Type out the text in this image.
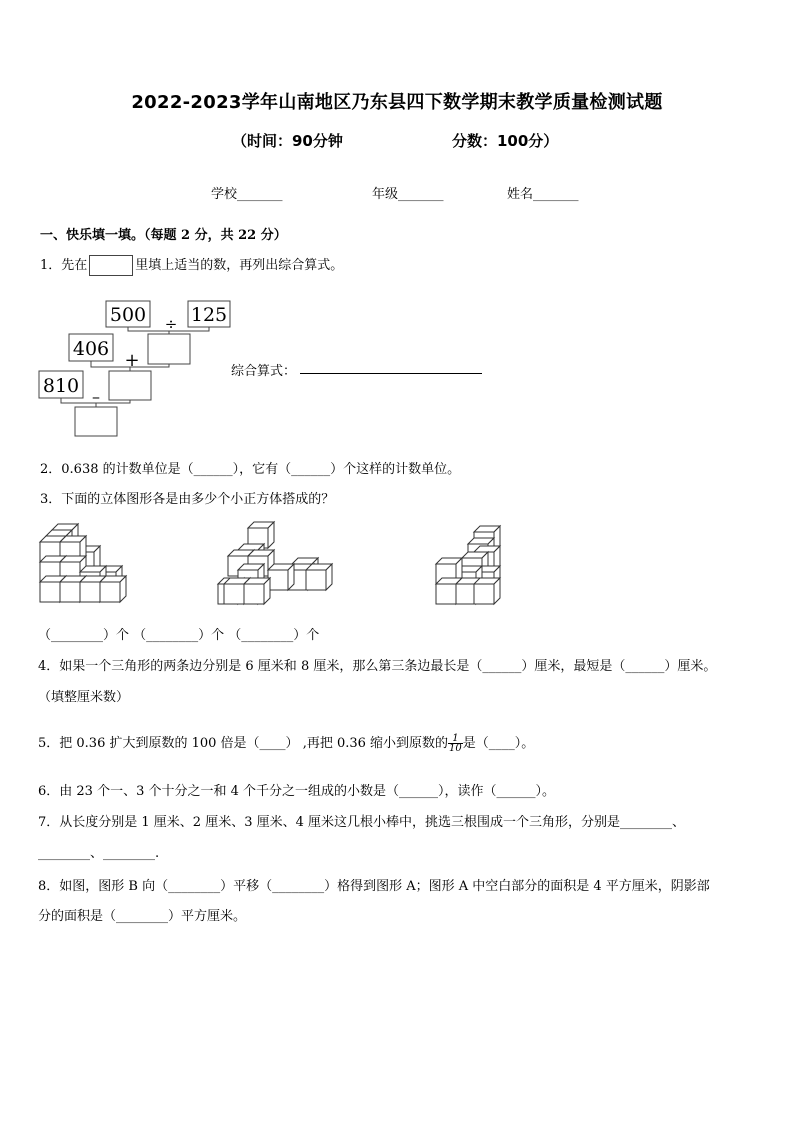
2022-2023学年山南地区乃东县四下数学期末教学质量检测试题
（时间：90分钟	分数：100分）
学校_______	年级_______	姓名_______
一、快乐填一填。（每题 2 分，共 22 分）
1．先在	里填上适当的数，再列出综合算式。
500 125
÷
406
+
810 –
综合算式：
2．0.638 的计数单位是（______），它有（______）个这样的计数单位。
3．下面的立体图形各是由多少个小正方体搭成的？
（________）个 （________）个 （________）个
4．如果一个三角形的两条边分别是 6 厘米和 8 厘米，那么第三条边最长是（______）厘米，最短是（______）厘米。
（填整厘米数）
5．把 0.36 扩大到原数的 100 倍是（____） ,再把 0.36 缩小到原数的 $\frac{1}{10}$ 是（____）。
6．由 23 个一、3 个十分之一和 4 个千分之一组成的小数是（______），读作（______）。
7．从长度分别是 1 厘米、2 厘米、3 厘米、4 厘米这几根小棒中，挑选三根围成一个三角形，分别是________、
________、________.
8．如图，图形 B 向（________）平移（________）格得到图形 A；图形 A 中空白部分的面积是 4 平方厘米，阴影部
分的面积是（________）平方厘米。
